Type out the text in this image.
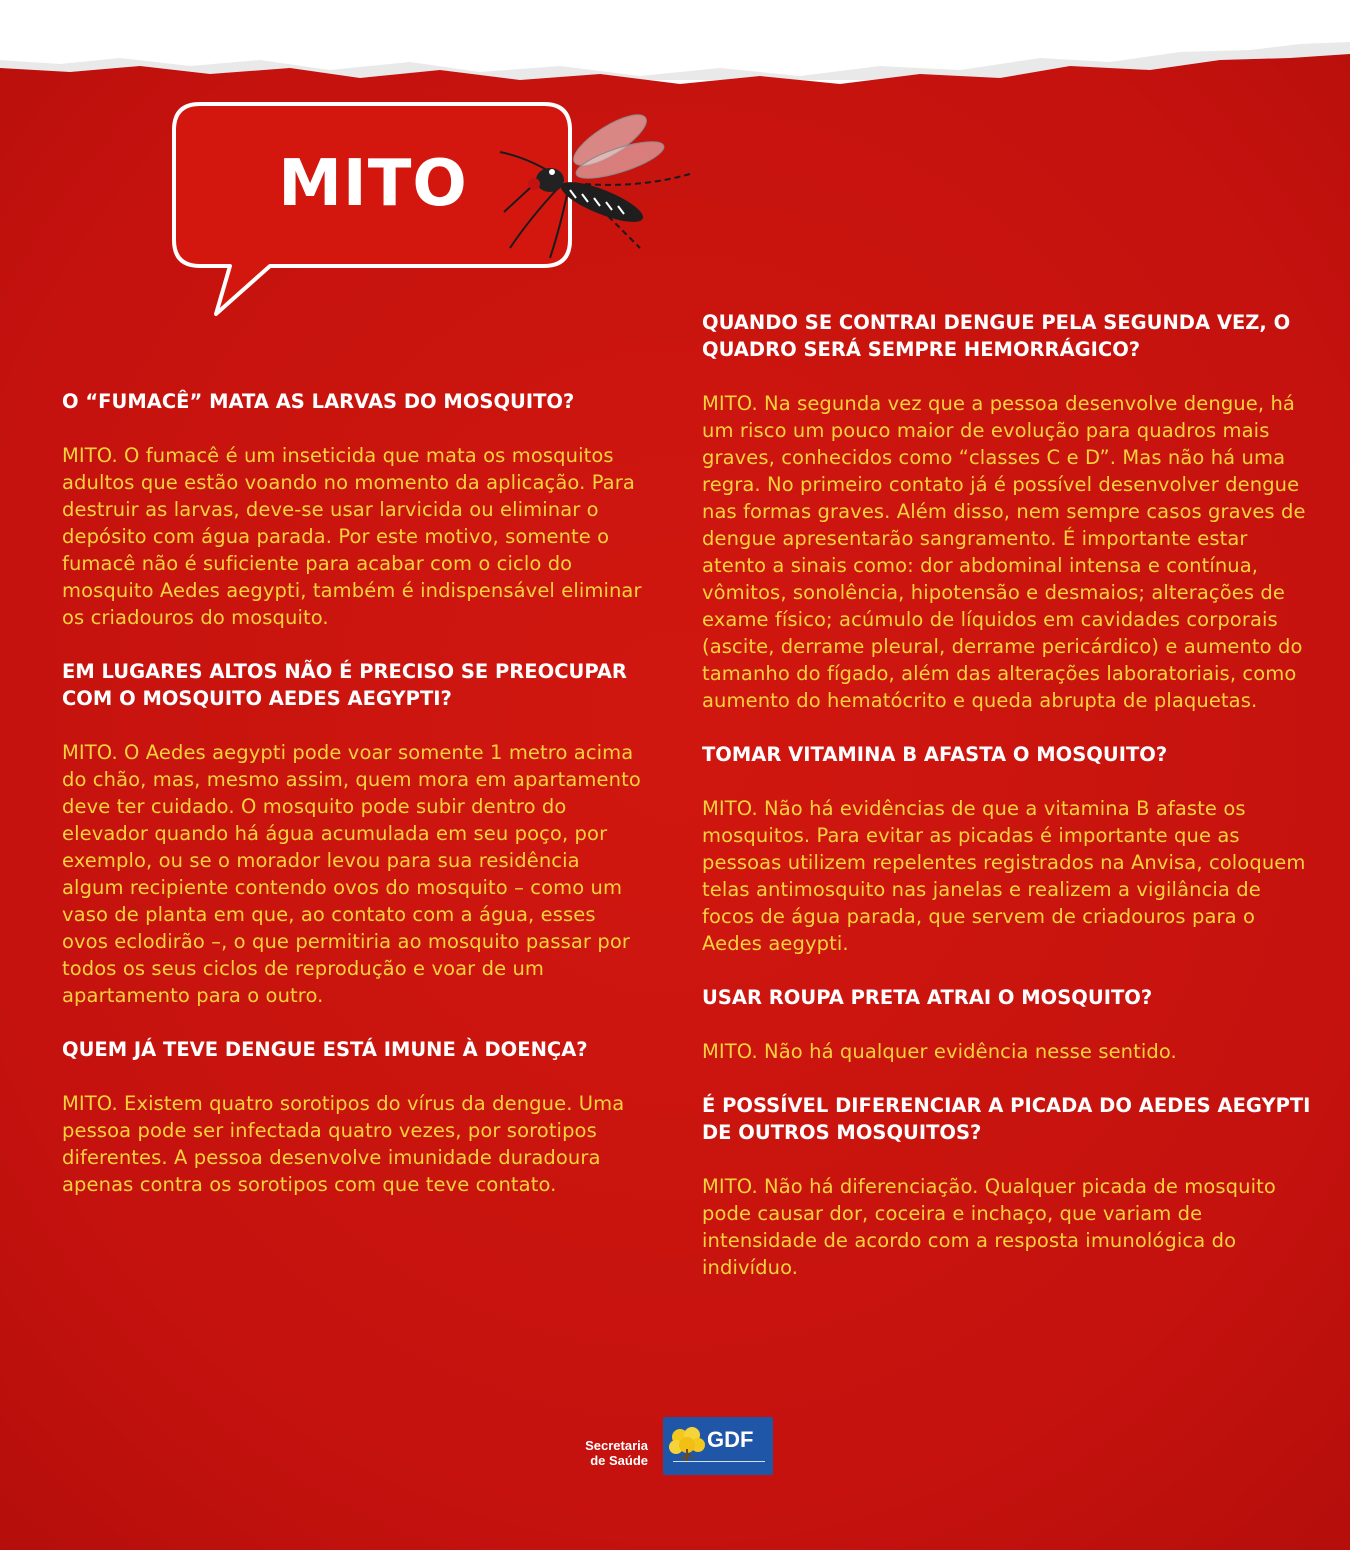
MITO

O “FUMACÊ” MATA AS LARVAS DO MOSQUITO?

MITO. O fumacê é um inseticida que mata os mosquitos adultos que estão voando no momento da aplicação. Para destruir as larvas, deve-se usar larvicida ou eliminar o depósito com água parada. Por este motivo, somente o fumacê não é suficiente para acabar com o ciclo do mosquito Aedes aegypti, também é indispensável eliminar os criadouros do mosquito.

EM LUGARES ALTOS NÃO É PRECISO SE PREOCUPAR COM O MOSQUITO AEDES AEGYPTI?

MITO. O Aedes aegypti pode voar somente 1 metro acima do chão, mas, mesmo assim, quem mora em apartamento deve ter cuidado. O mosquito pode subir dentro do elevador quando há água acumulada em seu poço, por exemplo, ou se o morador levou para sua residência algum recipiente contendo ovos do mosquito – como um vaso de planta em que, ao contato com a água, esses ovos eclodirão –, o que permitiria ao mosquito passar por todos os seus ciclos de reprodução e voar de um apartamento para o outro.

QUEM JÁ TEVE DENGUE ESTÁ IMUNE À DOENÇA?

MITO. Existem quatro sorotipos do vírus da dengue. Uma pessoa pode ser infectada quatro vezes, por sorotipos diferentes. A pessoa desenvolve imunidade duradoura apenas contra os sorotipos com que teve contato.

QUANDO SE CONTRAI DENGUE PELA SEGUNDA VEZ, O QUADRO SERÁ SEMPRE HEMORRÁGICO?

MITO. Na segunda vez que a pessoa desenvolve dengue, há um risco um pouco maior de evolução para quadros mais graves, conhecidos como “classes C e D”. Mas não há uma regra. No primeiro contato já é possível desenvolver dengue nas formas graves. Além disso, nem sempre casos graves de dengue apresentarão sangramento. É importante estar atento a sinais como: dor abdominal intensa e contínua, vômitos, sonolência, hipotensão e desmaios; alterações de exame físico; acúmulo de líquidos em cavidades corporais (ascite, derrame pleural, derrame pericárdico) e aumento do tamanho do fígado, além das alterações laboratoriais, como aumento do hematócrito e queda abrupta de plaquetas.

TOMAR VITAMINA B AFASTA O MOSQUITO?

MITO. Não há evidências de que a vitamina B afaste os mosquitos. Para evitar as picadas é importante que as pessoas utilizem repelentes registrados na Anvisa, coloquem telas antimosquito nas janelas e realizem a vigilância de focos de água parada, que servem de criadouros para o Aedes aegypti.

USAR ROUPA PRETA ATRAI O MOSQUITO?

MITO. Não há qualquer evidência nesse sentido.

É POSSÍVEL DIFERENCIAR A PICADA DO AEDES AEGYPTI DE OUTROS MOSQUITOS?

MITO. Não há diferenciação. Qualquer picada de mosquito pode causar dor, coceira e inchaço, que variam de intensidade de acordo com a resposta imunológica do indivíduo.

Secretaria
de Saúde
GDF
